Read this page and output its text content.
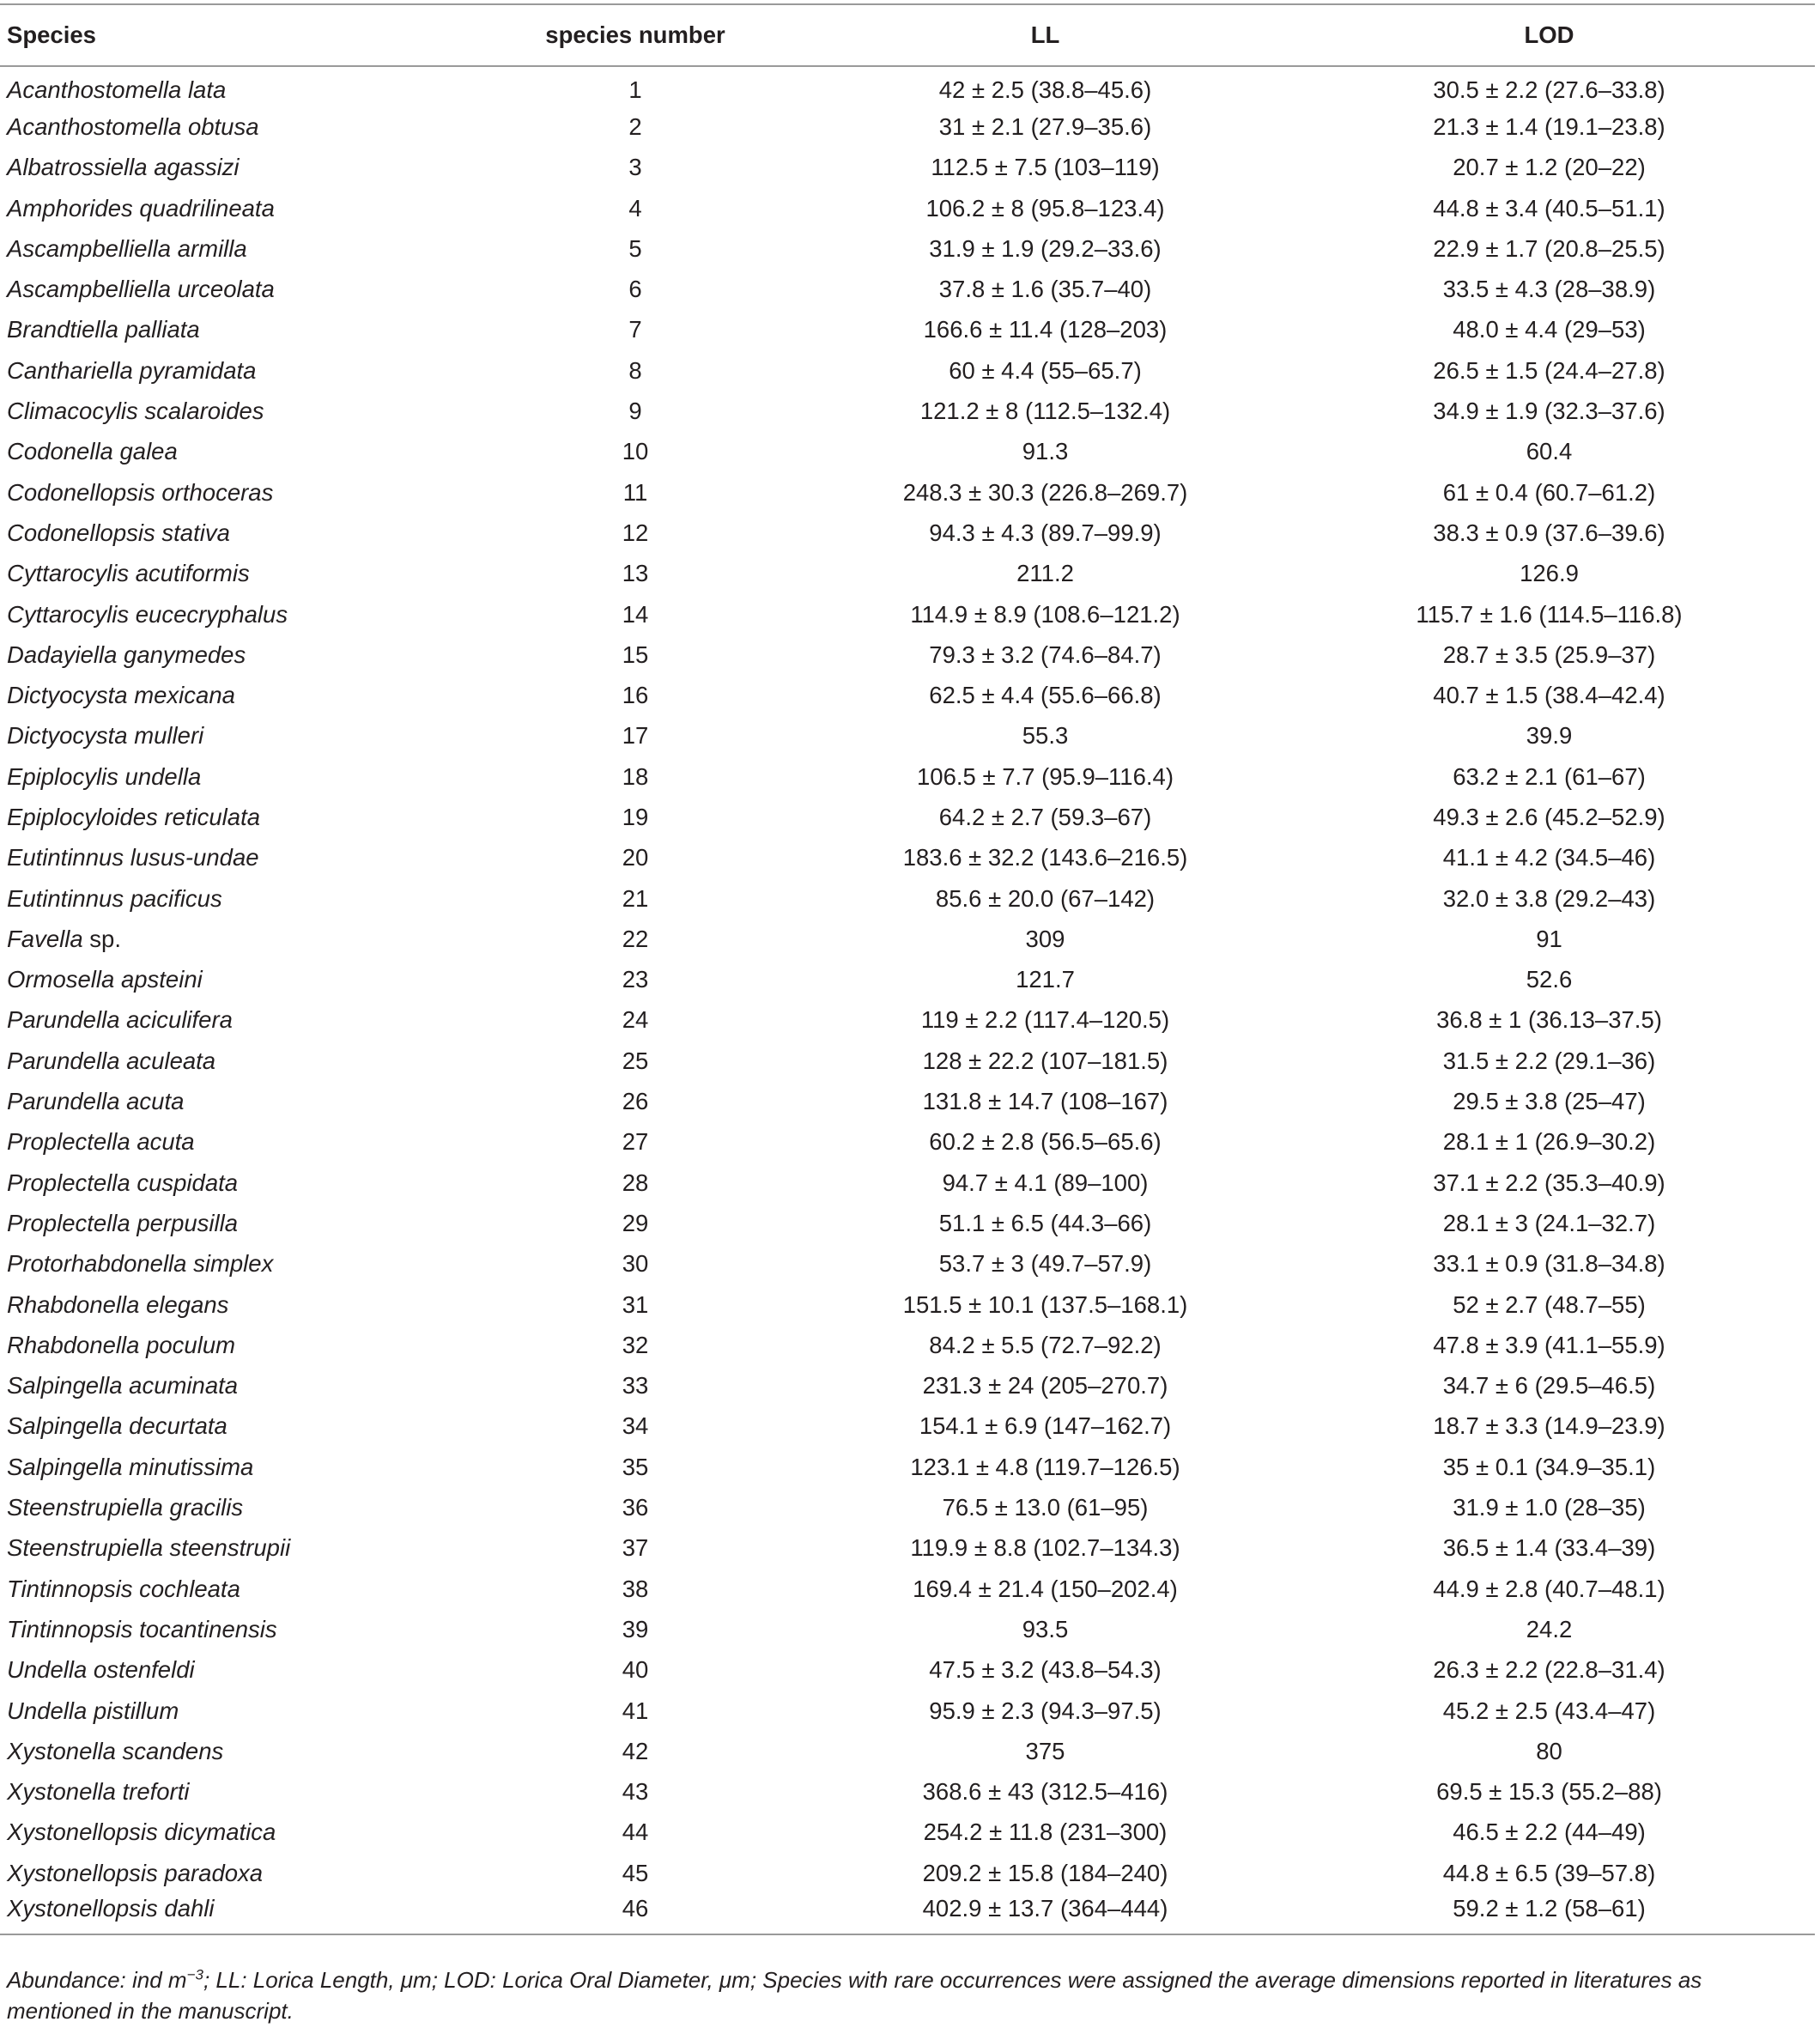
Species	species number	LL	LOD
Acanthostomella lata	1	42 ± 2.5 (38.8–45.6)	30.5 ± 2.2 (27.6–33.8)
Acanthostomella obtusa	2	31 ± 2.1 (27.9–35.6)	21.3 ± 1.4 (19.1–23.8)
Albatrossiella agassizi	3	112.5 ± 7.5 (103–119)	20.7 ± 1.2 (20–22)
Amphorides quadrilineata	4	106.2 ± 8 (95.8–123.4)	44.8 ± 3.4 (40.5–51.1)
Ascampbelliella armilla	5	31.9 ± 1.9 (29.2–33.6)	22.9 ± 1.7 (20.8–25.5)
Ascampbelliella urceolata	6	37.8 ± 1.6 (35.7–40)	33.5 ± 4.3 (28–38.9)
Brandtiella palliata	7	166.6 ± 11.4 (128–203)	48.0 ± 4.4 (29–53)
Canthariella pyramidata	8	60 ± 4.4 (55–65.7)	26.5 ± 1.5 (24.4–27.8)
Climacocylis scalaroides	9	121.2 ± 8 (112.5–132.4)	34.9 ± 1.9 (32.3–37.6)
Codonella galea	10	91.3	60.4
Codonellopsis orthoceras	11	248.3 ± 30.3 (226.8–269.7)	61 ± 0.4 (60.7–61.2)
Codonellopsis stativa	12	94.3 ± 4.3 (89.7–99.9)	38.3 ± 0.9 (37.6–39.6)
Cyttarocylis acutiformis	13	211.2	126.9
Cyttarocylis eucecryphalus	14	114.9 ± 8.9 (108.6–121.2)	115.7 ± 1.6 (114.5–116.8)
Dadayiella ganymedes	15	79.3 ± 3.2 (74.6–84.7)	28.7 ± 3.5 (25.9–37)
Dictyocysta mexicana	16	62.5 ± 4.4 (55.6–66.8)	40.7 ± 1.5 (38.4–42.4)
Dictyocysta mulleri	17	55.3	39.9
Epiplocylis undella	18	106.5 ± 7.7 (95.9–116.4)	63.2 ± 2.1 (61–67)
Epiplocyloides reticulata	19	64.2 ± 2.7 (59.3–67)	49.3 ± 2.6 (45.2–52.9)
Eutintinnus lusus-undae	20	183.6 ± 32.2 (143.6–216.5)	41.1 ± 4.2 (34.5–46)
Eutintinnus pacificus	21	85.6 ± 20.0 (67–142)	32.0 ± 3.8 (29.2–43)
Favella sp.	22	309	91
Ormosella apsteini	23	121.7	52.6
Parundella aciculifera	24	119 ± 2.2 (117.4–120.5)	36.8 ± 1 (36.13–37.5)
Parundella aculeata	25	128 ± 22.2 (107–181.5)	31.5 ± 2.2 (29.1–36)
Parundella acuta	26	131.8 ± 14.7 (108–167)	29.5 ± 3.8 (25–47)
Proplectella acuta	27	60.2 ± 2.8 (56.5–65.6)	28.1 ± 1 (26.9–30.2)
Proplectella cuspidata	28	94.7 ± 4.1 (89–100)	37.1 ± 2.2 (35.3–40.9)
Proplectella perpusilla	29	51.1 ± 6.5 (44.3–66)	28.1 ± 3 (24.1–32.7)
Protorhabdonella simplex	30	53.7 ± 3 (49.7–57.9)	33.1 ± 0.9 (31.8–34.8)
Rhabdonella elegans	31	151.5 ± 10.1 (137.5–168.1)	52 ± 2.7 (48.7–55)
Rhabdonella poculum	32	84.2 ± 5.5 (72.7–92.2)	47.8 ± 3.9 (41.1–55.9)
Salpingella acuminata	33	231.3 ± 24 (205–270.7)	34.7 ± 6 (29.5–46.5)
Salpingella decurtata	34	154.1 ± 6.9 (147–162.7)	18.7 ± 3.3 (14.9–23.9)
Salpingella minutissima	35	123.1 ± 4.8 (119.7–126.5)	35 ± 0.1 (34.9–35.1)
Steenstrupiella gracilis	36	76.5 ± 13.0 (61–95)	31.9 ± 1.0 (28–35)
Steenstrupiella steenstrupii	37	119.9 ± 8.8 (102.7–134.3)	36.5 ± 1.4 (33.4–39)
Tintinnopsis cochleata	38	169.4 ± 21.4 (150–202.4)	44.9 ± 2.8 (40.7–48.1)
Tintinnopsis tocantinensis	39	93.5	24.2
Undella ostenfeldi	40	47.5 ± 3.2 (43.8–54.3)	26.3 ± 2.2 (22.8–31.4)
Undella pistillum	41	95.9 ± 2.3 (94.3–97.5)	45.2 ± 2.5 (43.4–47)
Xystonella scandens	42	375	80
Xystonella treforti	43	368.6 ± 43 (312.5–416)	69.5 ± 15.3 (55.2–88)
Xystonellopsis dicymatica	44	254.2 ± 11.8 (231–300)	46.5 ± 2.2 (44–49)
Xystonellopsis paradoxa	45	209.2 ± 15.8 (184–240)	44.8 ± 6.5 (39–57.8)
Xystonellopsis dahli	46	402.9 ± 13.7 (364–444)	59.2 ± 1.2 (58–61)
Abundance: ind $m^{-3}$; LL: Lorica Length, μm; LOD: Lorica Oral Diameter, μm; Species with rare occurrences were assigned the average dimensions reported in literatures as mentioned in the manuscript.
